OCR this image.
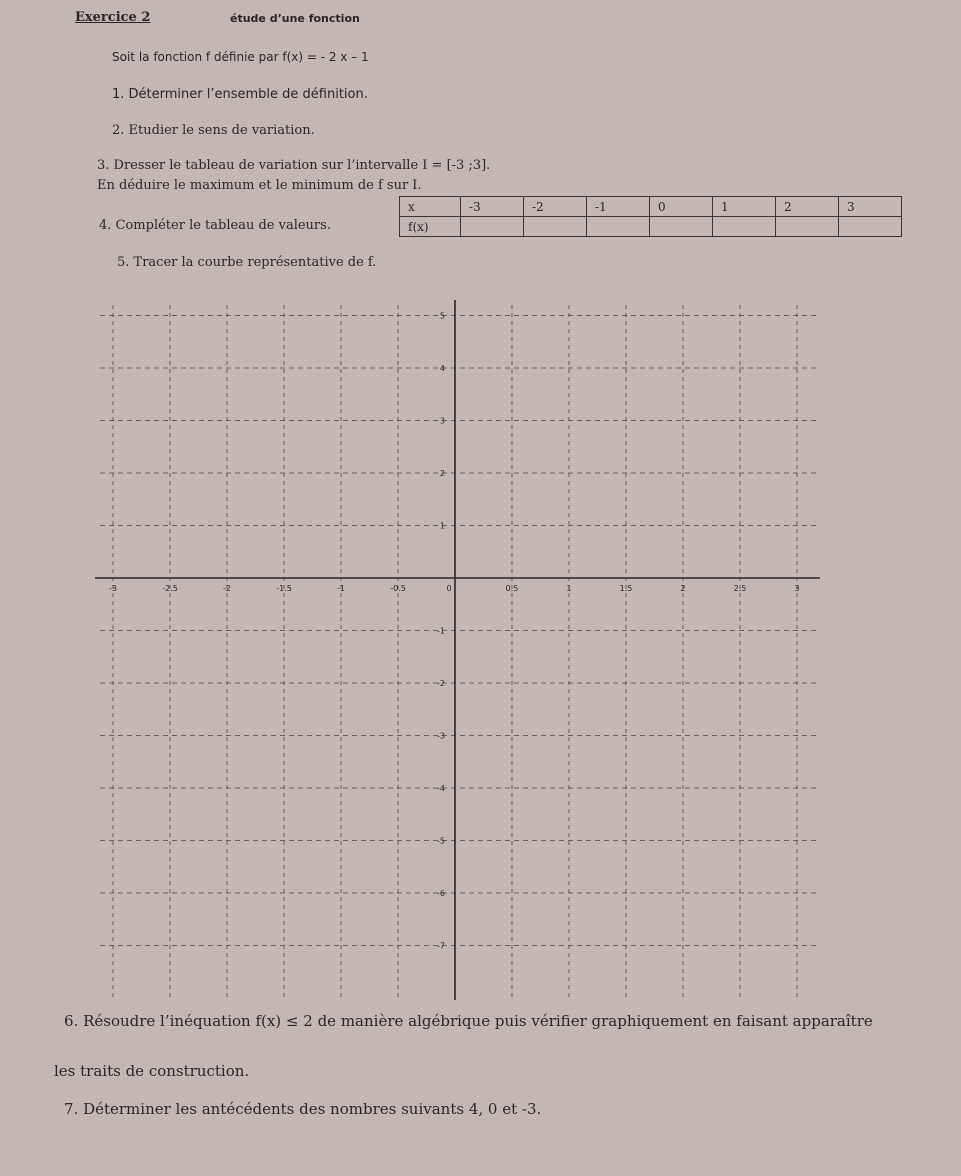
Exercice 2	étude d’une fonction
Soit la fonction f définie par f(x) = - 2 x – 1
1. Déterminer l’ensemble de définition.
2. Etudier le sens de variation.
3. Dresser le tableau de variation sur l’intervalle I = [-3 ;3].
En déduire le maximum et le minimum de f sur I.
4. Compléter le tableau de valeurs.
x	-3	-2	-1	0	1	2	3
f(x)							
5. Tracer la courbe représentative de f.
-3	-2.5	-2	-1.5	-1	-0.5	0	0.5	1	1.5	2	2.5	3
5
4
3
2
1
-1
-2
-3
-4
-5
-6
-7
6. Résoudre l’inéquation f(x) ≤ 2 de manière algébrique puis vérifier graphiquement en faisant apparaître
les traits de construction.
7. Déterminer les antécédents des nombres suivants 4, 0 et -3.
